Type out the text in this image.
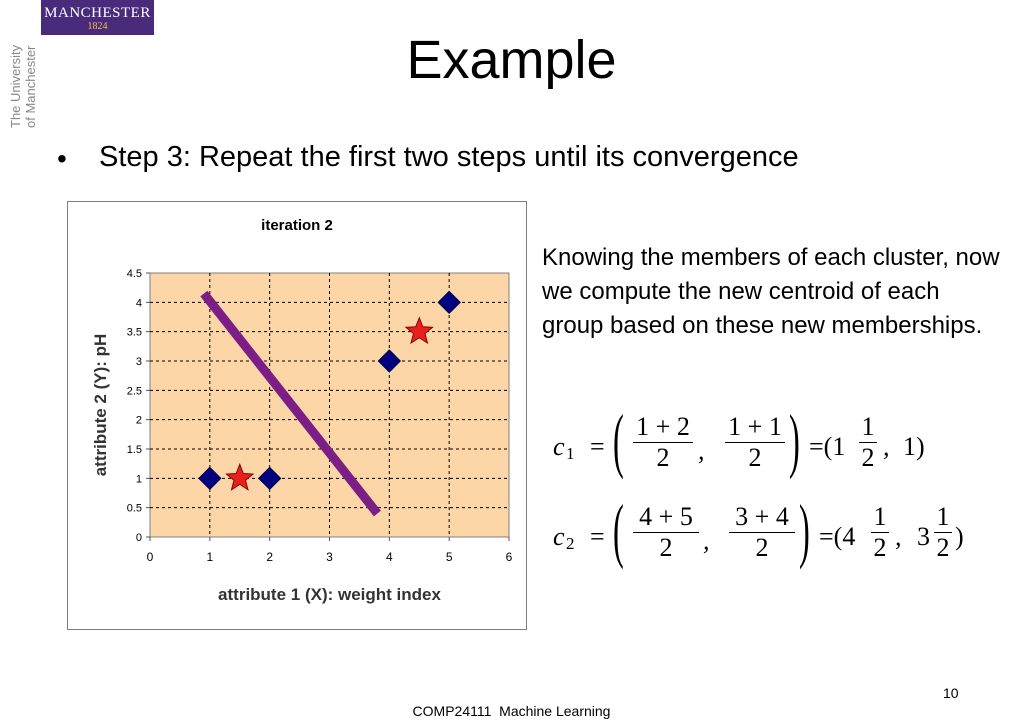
MANCHESTER
1824
The University of Manchester	Example
• Step 3: Repeat the first two steps until its convergence
iteration 2
0	1	2	3	4	5	6
0
0.5
1
1.5
2
2.5
3
3.5
4
4.5
attribute 1 (X): weight index
attribute 2 (Y): pH
Knowing the members of each cluster, now we compute the new centroid of each group based on these new memberships.
c 1 = ( 1 + 2
2	,
1 + 1
2 ) =(1
1
2 , 1)
c 2 = ( 4 + 5
2	,
3 + 4
2 ) =(4
1
2 , 3
1
2 )
10
COMP24111  Machine Learning
